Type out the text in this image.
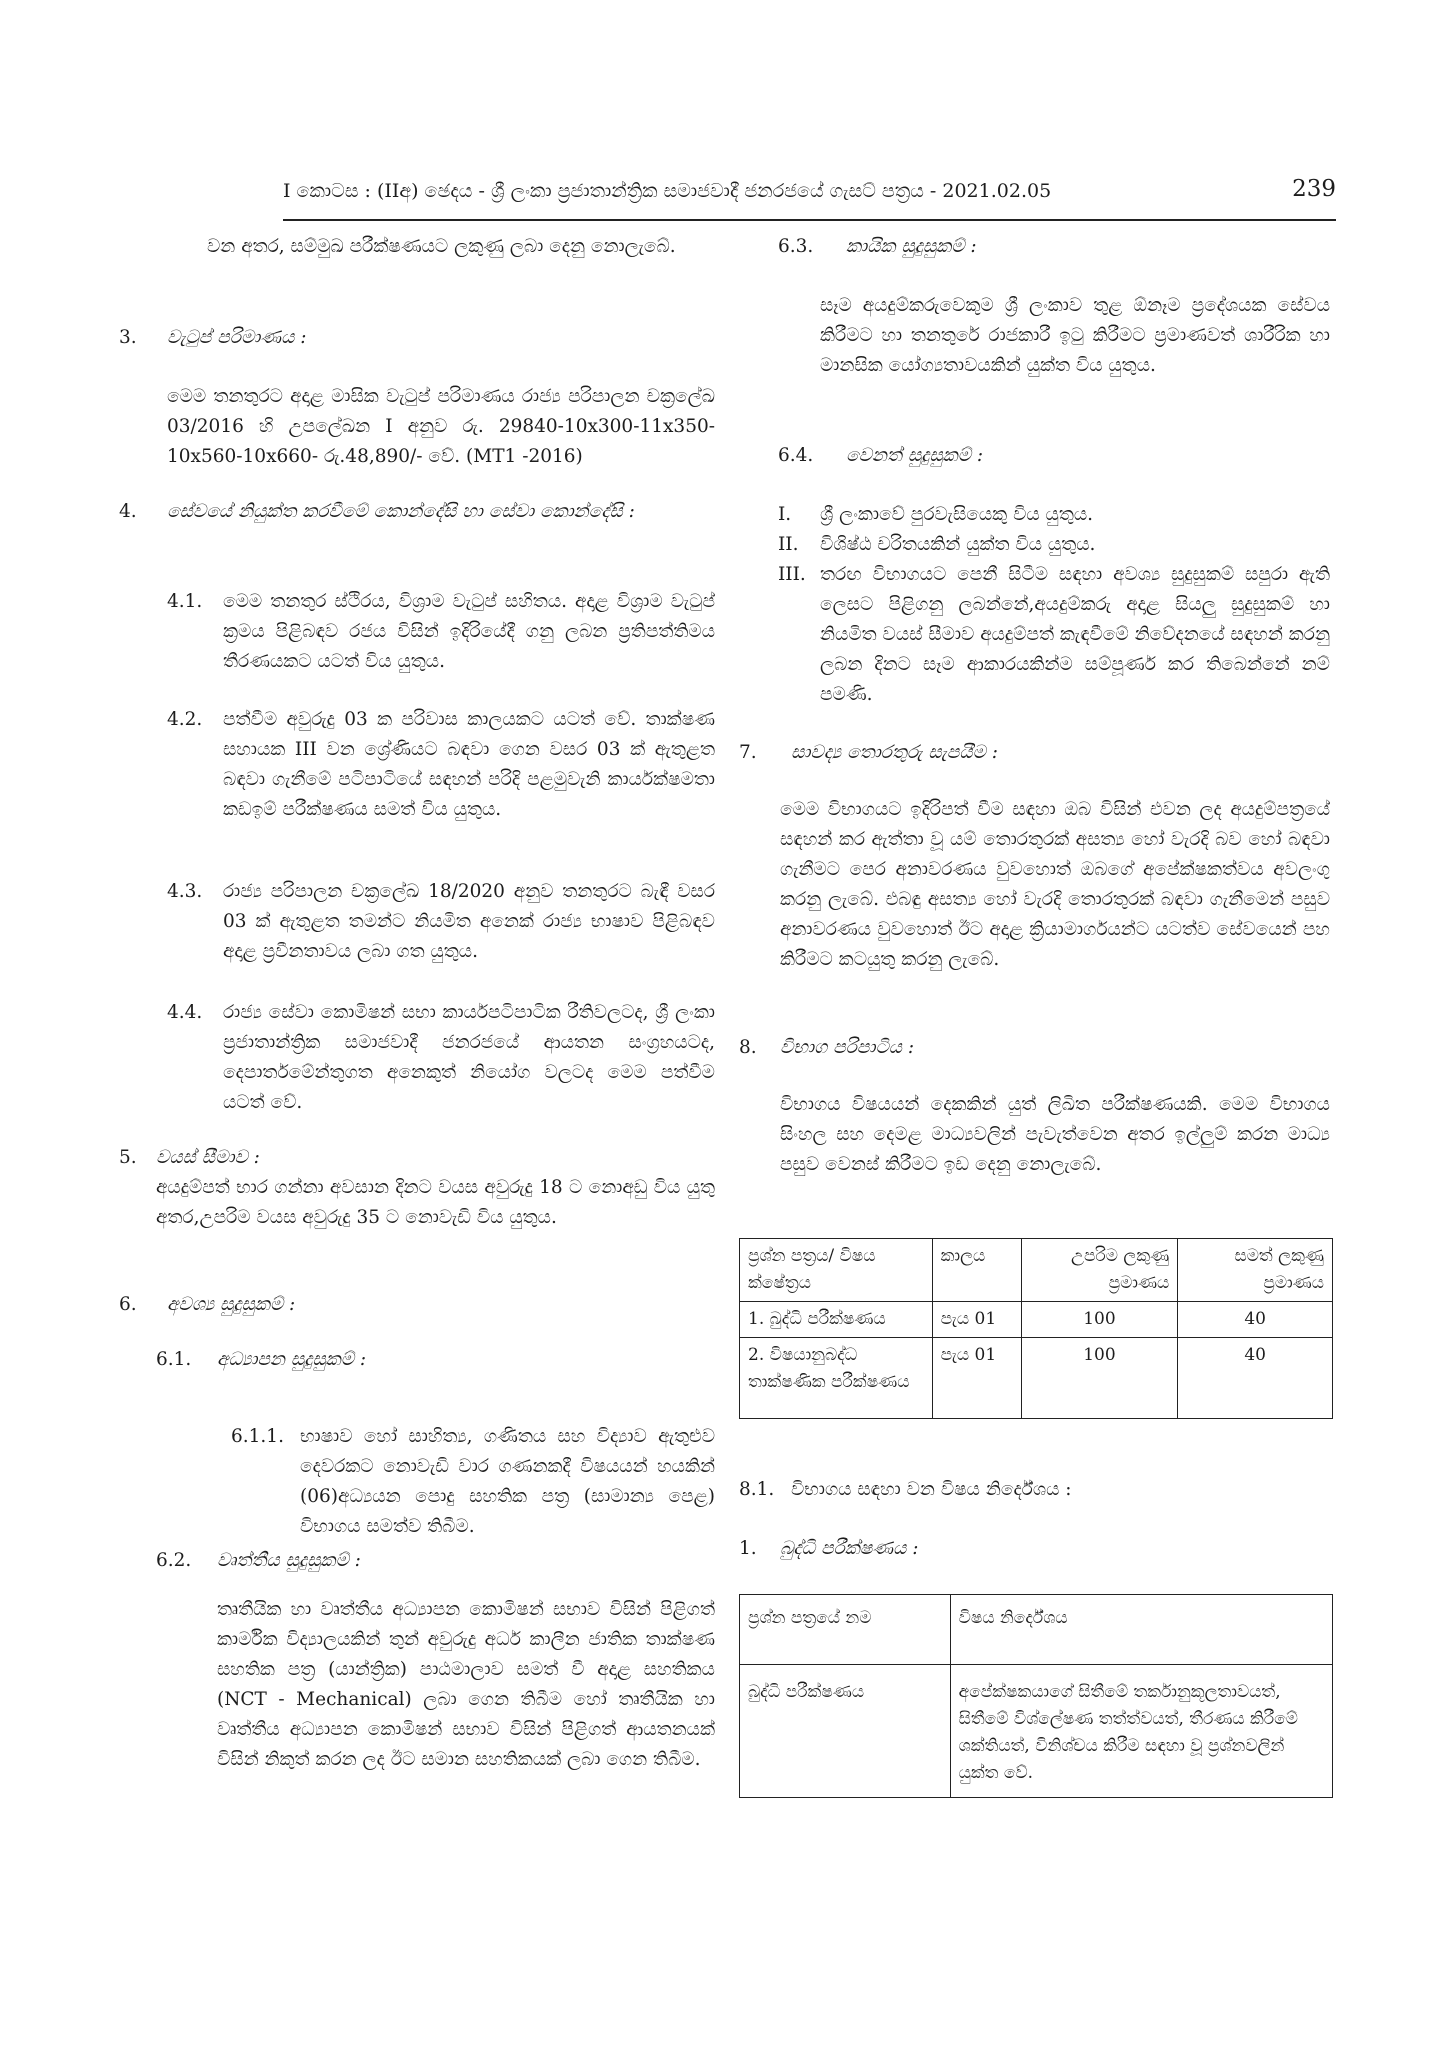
I කොටස : (IIඅ) ඡෙදය - ශ්‍රී ලංකා ප්‍රජාතාන්ත්‍රික සමාජවාදී ජනරජයේ ගැසට් පත්‍රය - 2021.02.05	239
වන අතර, සම්මුඛ පරීක්ෂණයට ලකුණු ලබා දෙනු නොලැබේ.
3. වැටුප් පරිමාණය :
මෙම තනතුරට අදාළ මාසික වැටුප් පරිමාණය රාජ්‍ය පරිපාලන චක්‍රලේඛ 03/2016 හි උපලේඛන I අනුව රු. 29840-10x300-11x350-10x560-10x660- රු.48,890/- වේ. (MT1 -2016)
4. සේවයේ නියුක්ත කරවීමේ කොන්දේසි හා සේවා කොන්දේසි :
4.1. මෙම තනතුර ස්ථිරය, විශ්‍රාම වැටුප් සහිතය. අදාළ විශ්‍රාම වැටුප් ක්‍රමය පිළිබඳව රජය විසින් ඉදිරියේදී ගනු ලබන ප්‍රතිපත්තිමය තීරණයකට යටත් විය යුතුය.
4.2. පත්වීම අවුරුදු 03 ක පරිවාස කාලයකට යටත් වේ. තාක්ෂණ සහායක III වන ශ්‍රේණියට බඳවා ගෙන වසර 03 ක් ඇතුළත බඳවා ගැනීමේ පටිපාටියේ සඳහන් පරිදි පළමුවැනි කාර්යක්ෂමතා කඩඉම් පරීක්ෂණය සමත් විය යුතුය.
4.3. රාජ්‍ය පරිපාලන චක්‍රලේඛ 18/2020 අනුව තනතුරට බැඳී වසර 03 ක් ඇතුළත තමන්ට නියමිත අනෙක් රාජ්‍ය භාෂාව පිළිබඳව අදාළ ප්‍රවීනතාවය ලබා ගත යුතුය.
4.4. රාජ්‍ය සේවා කොමිෂන් සභා කාර්යපටිපාටික රීතිවලටද, ශ්‍රී ලංකා ප්‍රජාතාන්ත්‍රික සමාජවාදී ජනරජයේ ආයතන සංග්‍රහයටද, දෙපාර්තමේන්තුගත අනෙකුත් නියෝග වලටද මෙම පත්වීම යටත් වේ.
5. වයස් සීමාව :
අයදුම්පත් භාර ගන්නා අවසාන දිනට වයස අවුරුදු 18 ට නොඅඩු විය යුතු අතර,උපරිම වයස අවුරුදු 35 ට නොවැඩි විය යුතුය.
6. අවශ්‍ය සුදුසුකම් :
6.1. අධ්‍යාපන සුදුසුකම් :
6.1.1. භාෂාව හෝ සාහිත්‍ය, ගණිතය සහ විද්‍යාව ඇතුළුව දෙවරකට නොවැඩි වාර ගණනකදී විෂයයන් හයකින් (06)අධ්‍යයන පොදු සහතික පත්‍ර (සාමාන්‍ය පෙළ) විභාගය සමත්ව තිබීම.
6.2. වෘත්තීය සුදුසුකම් :
තෘතීයික හා වෘත්තීය අධ්‍යාපන කොමිෂන් සභාව විසින් පිළිගත් කාර්මික විද්‍යාලයකින් තුන් අවුරුදු අර්ධ කාලීන ජාතික තාක්ෂණ සහතික පත්‍ර (යාන්ත්‍රික) පාඨමාලාව සමත් වී අදාළ සහතිකය (NCT - Mechanical) ලබා ගෙන තිබීම හෝ තෘතීයික හා වෘත්තීය අධ්‍යාපන කොමිෂන් සභාව විසින් පිළිගත් ආයතනයක් විසින් නිකුත් කරන ලද ඊට සමාන සහතිකයක් ලබා ගෙන තිබීම.
6.3. කායික සුදුසුකම් :
සෑම අයදුම්කරුවෙකුම ශ්‍රී ලංකාව තුළ ඕනෑම ප්‍රදේශයක සේවය කිරීමට හා තනතුරේ රාජකාරී ඉටු කිරීමට ප්‍රමාණවත් ශාරීරික හා මානසික යෝග්‍යතාවයකින් යුක්ත විය යුතුය.
6.4. වෙනත් සුදුසුකම් :
I. ශ්‍රී ලංකාවේ පුරවැසියෙකු විය යුතුය.
II. විශිෂ්ඨ චරිතයකින් යුක්ත විය යුතුය.
III. තරඟ විභාගයට පෙනී සිටීම සඳහා අවශ්‍ය සුදුසුකම් සපුරා ඇති ලෙසට පිළිගනු ලබන්නේ,අයදුම්කරු අදාළ සියලු සුදුසුකම් හා නියමිත වයස් සීමාව අයදුම්පත් කැඳවීමේ නිවේදනයේ සඳහන් කරනු ලබන දිනට සෑම ආකාරයකින්ම සම්පූර්ණ කර තිබෙන්නේ නම් පමණි.
7. සාවද්‍ය තොරතුරු සැපයීම :
මෙම විභාගයට ඉදිරිපත් වීම සඳහා ඔබ විසින් එවන ලද අයදුම්පත්‍රයේ සඳහන් කර ඇත්තා වූ යම් තොරතුරක් අසත්‍ය හෝ වැරදි බව හෝ බඳවා ගැනීමට පෙර අනාවරණය වුවහොත් ඔබගේ අපේක්ෂකත්වය අවලංගු කරනු ලැබේ. එබඳු අසත්‍ය හෝ වැරදි තොරතුරක් බඳවා ගැනීමෙන් පසුව අනාවරණය වුවහොත් ඊට අදාළ ක්‍රියාමාර්ගයන්ට යටත්ව සේවයෙන් පහ කිරීමට කටයුතු කරනු ලැබේ.
8. විභාග පරිපාටිය :
විභාගය විෂයයන් දෙකකින් යුත් ලිඛිත පරීක්ෂණයකි. මෙම විභාගය සිංහල සහ දෙමළ මාධ්‍යවලින් පැවැත්වෙන අතර ඉල්ලුම් කරන මාධ්‍ය පසුව වෙනස් කිරීමට ඉඩ දෙනු නොලැබේ.
ප්‍රශ්න පත්‍රය/ විෂය ක්ෂේත්‍රය	කාලය	උපරිම ලකුණු ප්‍රමාණය	සමත් ලකුණු ප්‍රමාණය
1. බුද්ධි පරීක්ෂණය	පැය 01	100	40
2. විෂයානුබද්ධ තාක්ෂණික පරීක්ෂණය	පැය 01	100	40
8.1. විභාගය සඳහා වන විෂය නිර්දේශය :
1. බුද්ධි පරීක්ෂණය :
ප්‍රශ්න පත්‍රයේ නම	විෂය නිර්දේශය
බුද්ධි පරීක්ෂණය	අපේක්ෂකයාගේ සිතීමේ තර්කානුකූලතාවයත්, සිතීමේ විශ්ලේෂණ තත්ත්වයත්, තීරණය කිරීමේ ශක්තියත්, විනිශ්චය කිරීම සඳහා වූ ප්‍රශ්නවලින් යුක්ත වේ.
